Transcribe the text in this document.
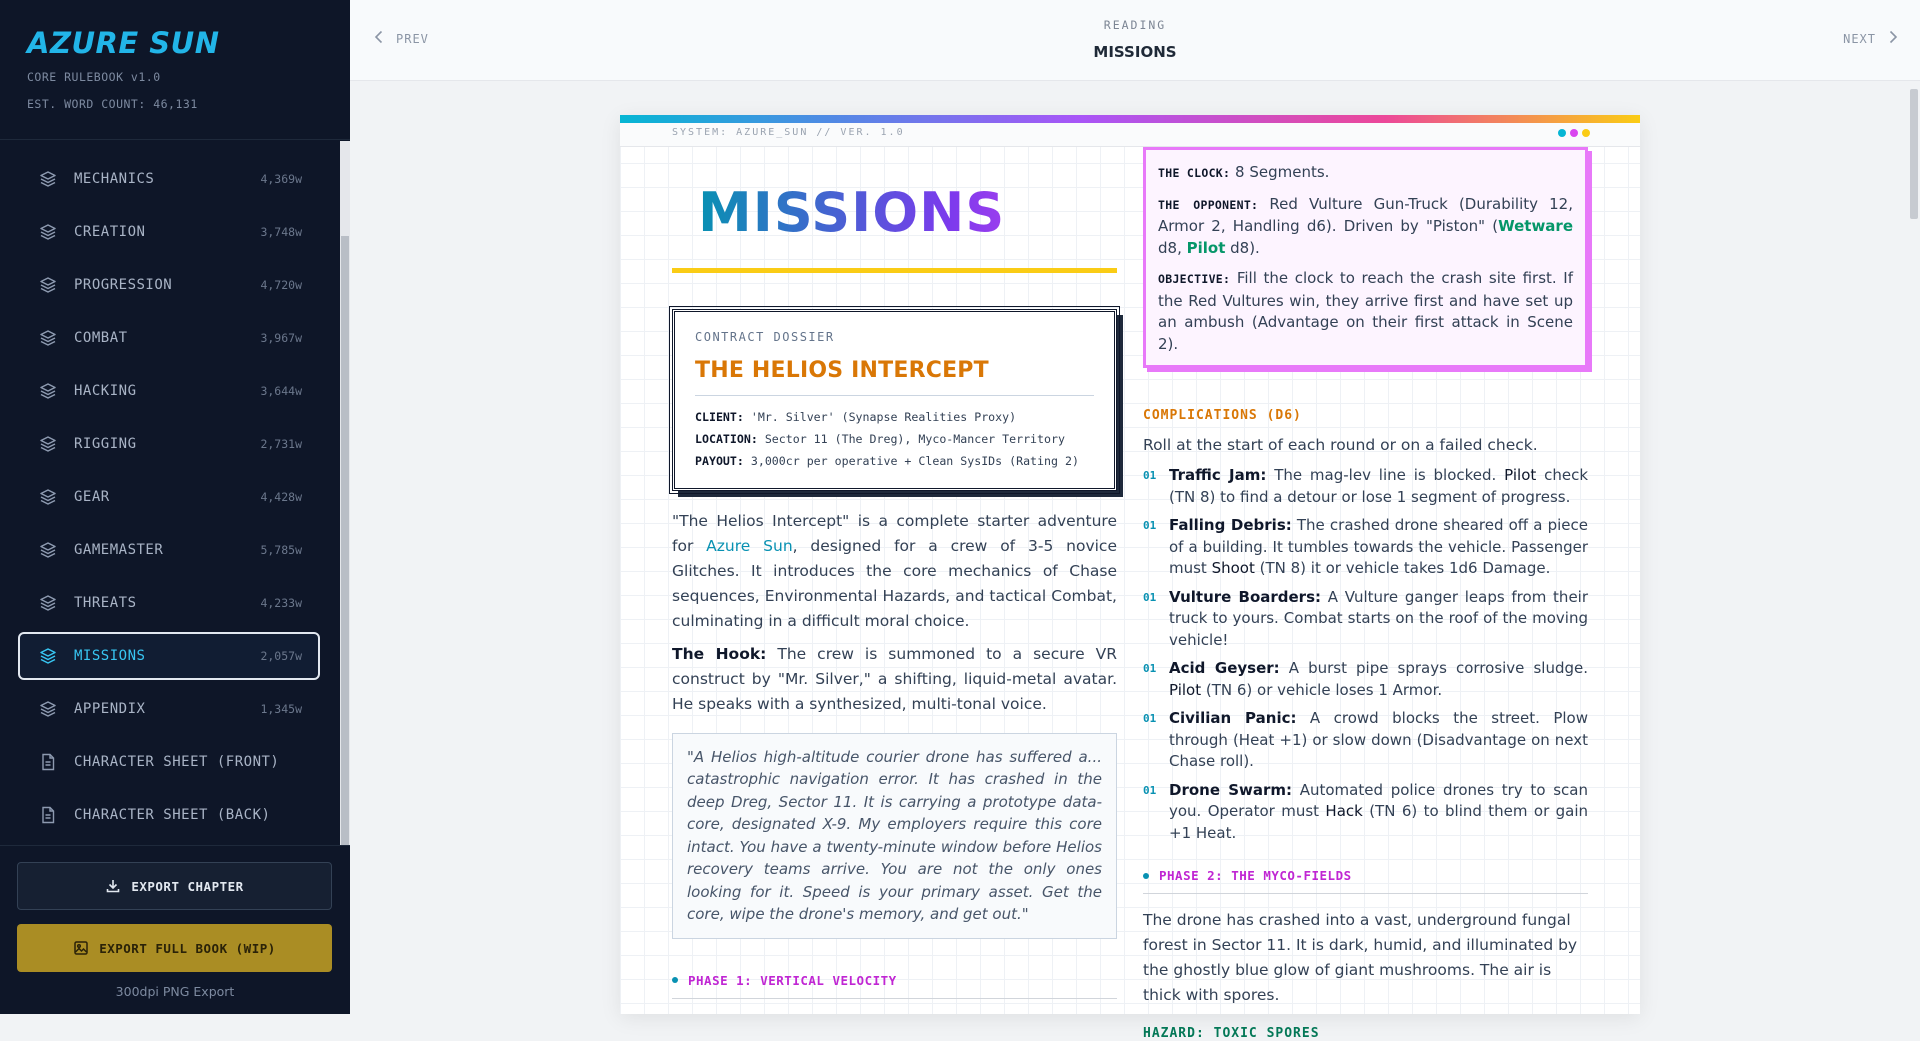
AZURE SUN
CORE RULEBOOK v1.0
EST. WORD COUNT: 46,131
MECHANICS	4,369w
CREATION	3,748w
PROGRESSION	4,720w
COMBAT	3,967w
HACKING	3,644w
RIGGING	2,731w
GEAR	4,428w
GAMEMASTER	5,785w
THREATS	4,233w
MISSIONS	2,057w
APPENDIX	1,345w
CHARACTER SHEET (FRONT)
CHARACTER SHEET (BACK)
EXPORT CHAPTER
EXPORT FULL BOOK (WIP)
300dpi PNG Export
PREV
READING
MISSIONS
NEXT
SYSTEM: AZURE_SUN // VER. 1.0
MISSIONS
CONTRACT DOSSIER
THE HELIOS INTERCEPT
CLIENT: 'Mr. Silver' (Synapse Realities Proxy)
LOCATION: Sector 11 (The Dreg), Myco-Mancer Territory
PAYOUT: 3,000cr per operative + Clean SysIDs (Rating 2)

"The Helios Intercept" is a complete starter adventure for Azure Sun, designed for a crew of 3-5 novice Glitches. It introduces the core mechanics of Chase sequences, Environmental Hazards, and tactical Combat, culminating in a difficult moral choice.

The Hook: The crew is summoned to a secure VR construct by "Mr. Silver," a shifting, liquid-metal avatar. He speaks with a synthesized, multi-tonal voice.

"A Helios high-altitude courier drone has suffered a... catastrophic navigation error. It has crashed in the deep Dreg, Sector 11. It is carrying a prototype data-core, designated X-9. My employers require this core intact. You have a twenty-minute window before Helios recovery teams arrive. You are not the only ones looking for it. Speed is your primary asset. Get the core, wipe the drone's memory, and get out."
PHASE 1: VERTICAL VELOCITY
THE CLOCK: 8 Segments.
THE OPPONENT: Red Vulture Gun-Truck (Durability 12, Armor 2, Handling d6). Driven by "Piston" (Wetware d8, Pilot d8).
OBJECTIVE: Fill the clock to reach the crash site first. If the Red Vultures win, they arrive first and have set up an ambush (Advantage on their first attack in Scene 2).
COMPLICATIONS (D6)
Roll at the start of each round or on a failed check.
01 Traffic Jam: The mag-lev line is blocked. Pilot check (TN 8) to find a detour or lose 1 segment of progress.
01 Falling Debris: The crashed drone sheared off a piece of a building. It tumbles towards the vehicle. Passenger must Shoot (TN 8) it or vehicle takes 1d6 Damage.
01 Vulture Boarders: A Vulture ganger leaps from their truck to yours. Combat starts on the roof of the moving vehicle!
01 Acid Geyser: A burst pipe sprays corrosive sludge. Pilot (TN 6) or vehicle loses 1 Armor.
01 Civilian Panic: A crowd blocks the street. Plow through (Heat +1) or slow down (Disadvantage on next Chase roll).
01 Drone Swarm: Automated police drones try to scan you. Operator must Hack (TN 6) to blind them or gain +1 Heat.
PHASE 2: THE MYCO-FIELDS
The drone has crashed into a vast, underground fungal forest in Sector 11. It is dark, humid, and illuminated by the ghostly blue glow of giant mushrooms. The air is thick with spores.
HAZARD: TOXIC SPORES
